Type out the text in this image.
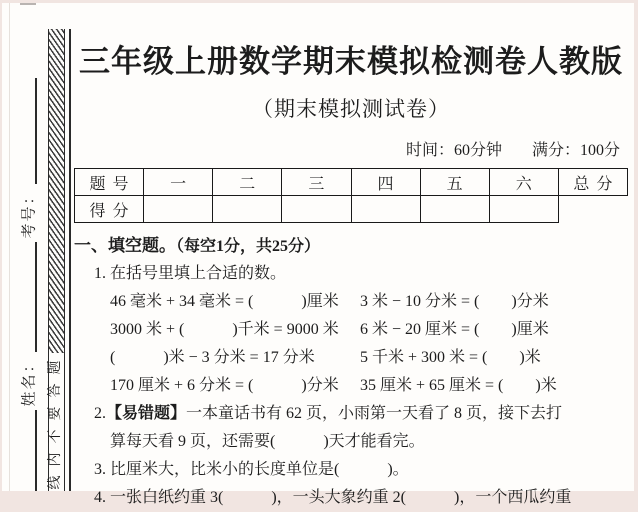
考号：
姓名： 题
答
要
不
内
线
三年级上册数学期末模拟检测卷人教版
（期末模拟测试卷）
时间：60分钟 满分：100分
题号	一	二	三	四	五	六	总分
得分							
一、填空题。（每空1分，共25分）
1. 在括号里填上合适的数。
46 毫米 + 34 毫米 = (　　　)厘米	3 米 − 10 分米 = (　　)分米
3000 米 + (　　　)千米 = 9000 米	6 米 − 20 厘米 = (　　)厘米
(　　　)米 − 3 分米 = 17 分米	5 千米 + 300 米 = (　　)米
170 厘米 + 6 分米 = (　　　)分米	35 厘米 + 65 厘米 = (　　)米
2.【易错题】一本童话书有 62 页，小雨第一天看了 8 页，接下去打
算每天看 9 页，还需要(　　　)天才能看完。
3. 比厘米大，比米小的长度单位是(　　　)。
4. 一张白纸约重 3(　　　)，一头大象约重 2(　　　)，一个西瓜约重
